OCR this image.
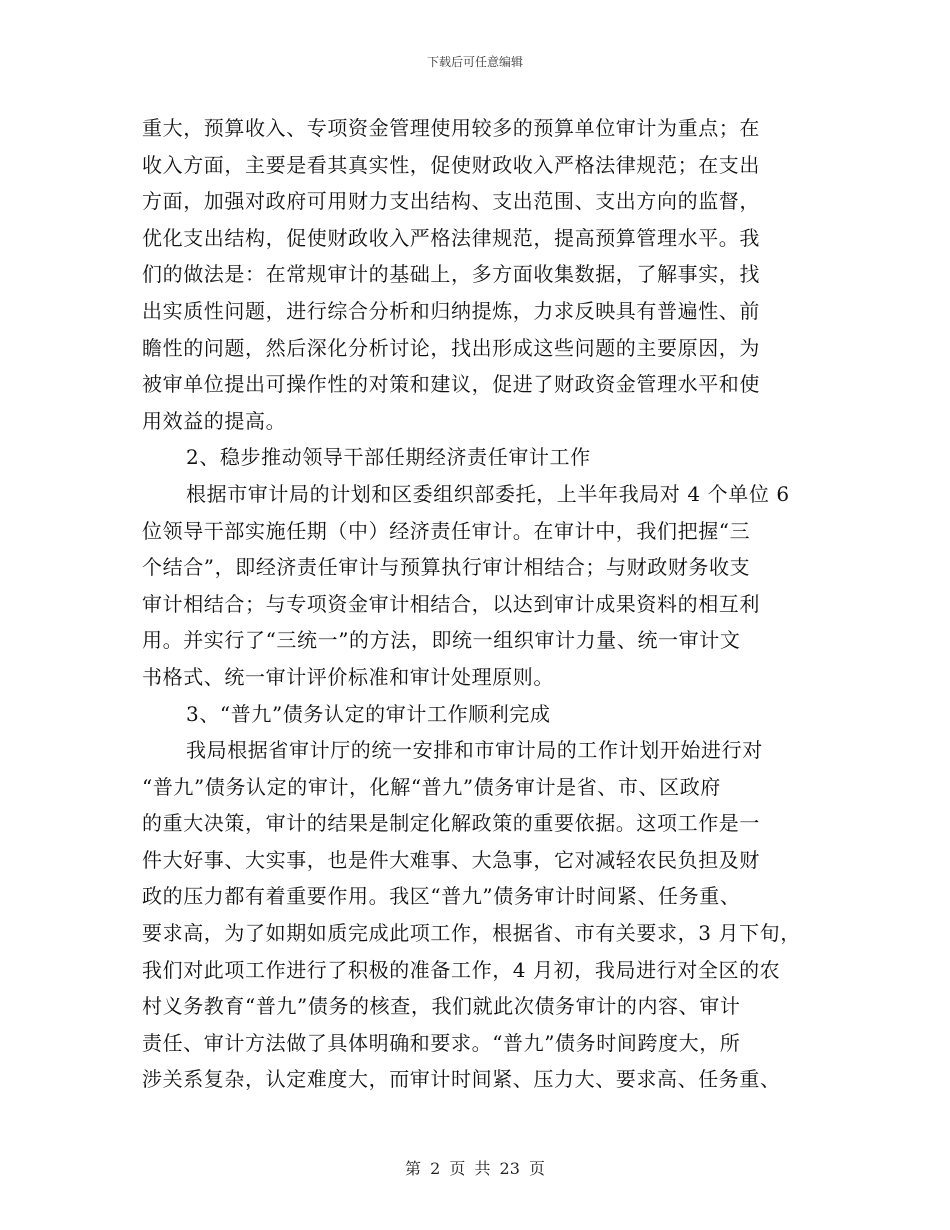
下载后可任意编辑
重大，预算收入、专项资金管理使用较多的预算单位审计为重点；在
收入方面，主要是看其真实性，促使财政收入严格法律规范；在支出
方面，加强对政府可用财力支出结构、支出范围、支出方向的监督，
优化支出结构，促使财政收入严格法律规范，提高预算管理水平。我
们的做法是：在常规审计的基础上，多方面收集数据，了解事实，找
出实质性问题，进行综合分析和归纳提炼，力求反映具有普遍性、前
瞻性的问题，然后深化分析讨论，找出形成这些问题的主要原因，为
被审单位提出可操作性的对策和建议，促进了财政资金管理水平和使
用效益的提高。
2、稳步推动领导干部任期经济责任审计工作
根据市审计局的计划和区委组织部委托，上半年我局对 4 个单位 6
位领导干部实施任期（中）经济责任审计。在审计中，我们把握“三
个结合”，即经济责任审计与预算执行审计相结合；与财政财务收支
审计相结合；与专项资金审计相结合，以达到审计成果资料的相互利
用。并实行了“三统一”的方法，即统一组织审计力量、统一审计文
书格式、统一审计评价标准和审计处理原则。
3、“普九”债务认定的审计工作顺利完成
我局根据省审计厅的统一安排和市审计局的工作计划开始进行对
“普九”债务认定的审计，化解“普九”债务审计是省、市、区政府
的重大决策，审计的结果是制定化解政策的重要依据。这项工作是一
件大好事、大实事，也是件大难事、大急事，它对减轻农民负担及财
政的压力都有着重要作用。我区“普九”债务审计时间紧、任务重、
要求高，为了如期如质完成此项工作，根据省、市有关要求，3 月下旬，
我们对此项工作进行了积极的准备工作，4 月初，我局进行对全区的农
村义务教育“普九”债务的核查，我们就此次债务审计的内容、审计
责任、审计方法做了具体明确和要求。“普九”债务时间跨度大，所
涉关系复杂，认定难度大，而审计时间紧、压力大、要求高、任务重、
第 2 页 共 23 页
